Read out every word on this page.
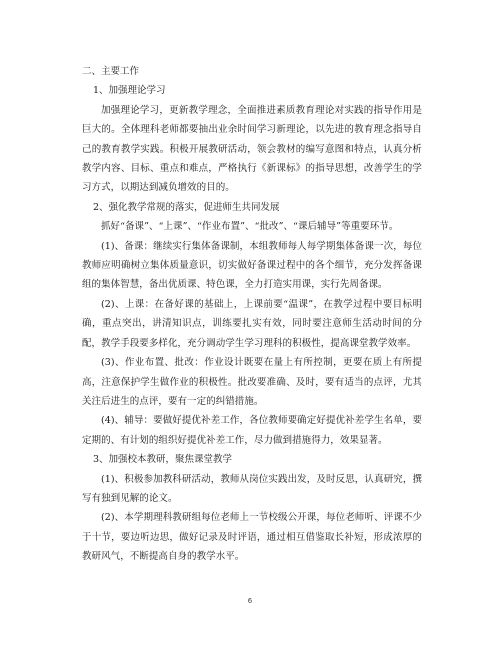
二、主要工作

1、加强理论学习

加强理论学习，更新教学理念，全面推进素质教育理论对实践的指导作用是巨大的。全体理科老师都要抽出业余时间学习新理论，以先进的教育理念指导自己的教育教学实践。积极开展教研活动，领会教材的编写意图和特点，认真分析教学内容、目标、重点和难点，严格执行《新课标》的指导思想，改善学生的学习方式，以期达到减负增效的目的。

2、强化教学常规的落实，促进师生共同发展

抓好“备课”、“上课”、“作业布置”、“批改”、“课后辅导”等重要环节。

(1)、备课：继续实行集体备课制，本组教师每人每学期集体备课一次，每位教师应明确树立集体质量意识，切实做好备课过程中的各个细节，充分发挥备课组的集体智慧，备出优质课、特色课，全力打造实用课，实行先周备课。

(2)、上课：在备好课的基础上，上课前要“温课”，在教学过程中要目标明确，重点突出，讲清知识点，训练要扎实有效，同时要注意师生活动时间的分配，教学手段要多样化，充分调动学生学习理科的积极性，提高课堂教学效率。

(3)、作业布置、批改：作业设计既要在量上有所控制，更要在质上有所提高，注意保护学生做作业的积极性。批改要准确、及时，要有适当的点评，尤其关注后进生的点评，要有一定的纠错措施。

(4)、辅导：要做好提优补差工作，各位教师要确定好提优补差学生名单，要定期的、有计划的组织好提优补差工作，尽力做到措施得力，效果显著。

3、加强校本教研，聚焦课堂教学

(1)、积极参加教科研活动，教师从岗位实践出发，及时反思，认真研究，撰写有独到见解的论文。

(2)、本学期理科教研组每位老师上一节校级公开课，每位老师听、评课不少于十节，要边听边思，做好记录及时评语，通过相互借鉴取长补短，形成浓厚的教研风气，不断提高自身的教学水平。

6
